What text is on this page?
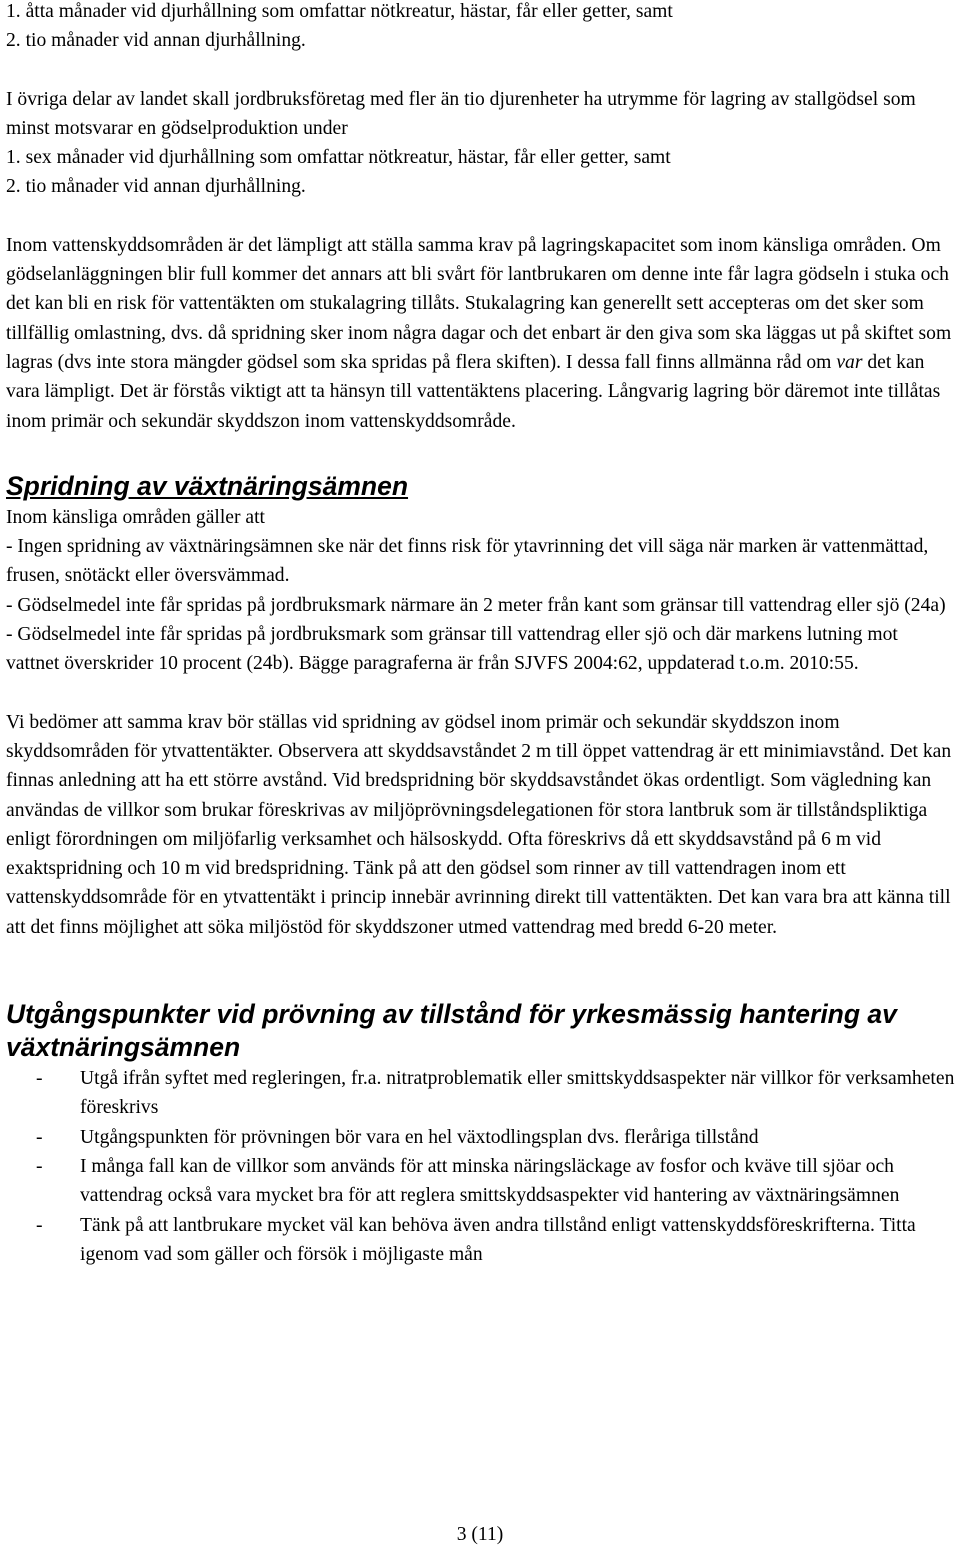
1. åtta månader vid djurhållning som omfattar nötkreatur, hästar, får eller getter, samt

2. tio månader vid annan djurhållning.

I övriga delar av landet skall jordbruksföretag med fler än tio djurenheter ha utrymme för lagring av stallgödsel som minst motsvarar en gödselproduktion under

1. sex månader vid djurhållning som omfattar nötkreatur, hästar, får eller getter, samt

2. tio månader vid annan djurhållning.

Inom vattenskyddsområden är det lämpligt att ställa samma krav på lagringskapacitet som inom känsliga områden. Om gödselanläggningen blir full kommer det annars att bli svårt för lantbrukaren om denne inte får lagra gödseln i stuka och det kan bli en risk för vattentäkten om stukalagring tillåts. Stukalagring kan generellt sett accepteras om det sker som tillfällig omlastning, dvs. då spridning sker inom några dagar och det enbart är den giva som ska läggas ut på skiftet som lagras (dvs inte stora mängder gödsel som ska spridas på flera skiften). I dessa fall finns allmänna råd om var det kan vara lämpligt. Det är förstås viktigt att ta hänsyn till vattentäktens placering. Långvarig lagring bör däremot inte tillåtas inom primär och sekundär skyddszon inom vattenskyddsområde.

Spridning av växtnäringsämnen

Inom känsliga områden gäller att

- Ingen spridning av växtnäringsämnen ske när det finns risk för ytavrinning det vill säga när marken är vattenmättad, frusen, snötäckt eller översvämmad.

- Gödselmedel inte får spridas på jordbruksmark närmare än 2 meter från kant som gränsar till vattendrag eller sjö (24a)

- Gödselmedel inte får spridas på jordbruksmark som gränsar till vattendrag eller sjö och där markens lutning mot vattnet överskrider 10 procent (24b). Bägge paragraferna är från SJVFS 2004:62, uppdaterad t.o.m. 2010:55.

Vi bedömer att samma krav bör ställas vid spridning av gödsel inom primär och sekundär skyddszon inom skyddsområden för ytvattentäkter. Observera att skyddsavståndet 2 m till öppet vattendrag är ett minimiavstånd. Det kan finnas anledning att ha ett större avstånd. Vid bredspridning bör skyddsavståndet ökas ordentligt. Som vägledning kan användas de villkor som brukar föreskrivas av miljöprövningsdelegationen för stora lantbruk som är tillståndspliktiga enligt förordningen om miljöfarlig verksamhet och hälsoskydd. Ofta föreskrivs då ett skyddsavstånd på 6 m vid exaktspridning och 10 m vid bredspridning. Tänk på att den gödsel som rinner av till vattendragen inom ett vattenskyddsområde för en ytvattentäkt i princip innebär avrinning direkt till vattentäkten. Det kan vara bra att känna till att det finns möjlighet att söka miljöstöd för skyddszoner utmed vattendrag med bredd 6-20 meter.

Utgångspunkter vid prövning av tillstånd för yrkesmässig hantering av växtnäringsämnen
- Utgå ifrån syftet med regleringen, fr.a. nitratproblematik eller smittskyddsaspekter när villkor för verksamheten föreskrivs
- Utgångspunkten för prövningen bör vara en hel växtodlingsplan dvs. fleråriga tillstånd
- I många fall kan de villkor som används för att minska näringsläckage av fosfor och kväve till sjöar och vattendrag också vara mycket bra för att reglera smittskyddsaspekter vid hantering av växtnäringsämnen
- Tänk på att lantbrukare mycket väl kan behöva även andra tillstånd enligt vattenskyddsföreskrifterna. Titta igenom vad som gäller och försök i möjligaste mån
3 (11)
